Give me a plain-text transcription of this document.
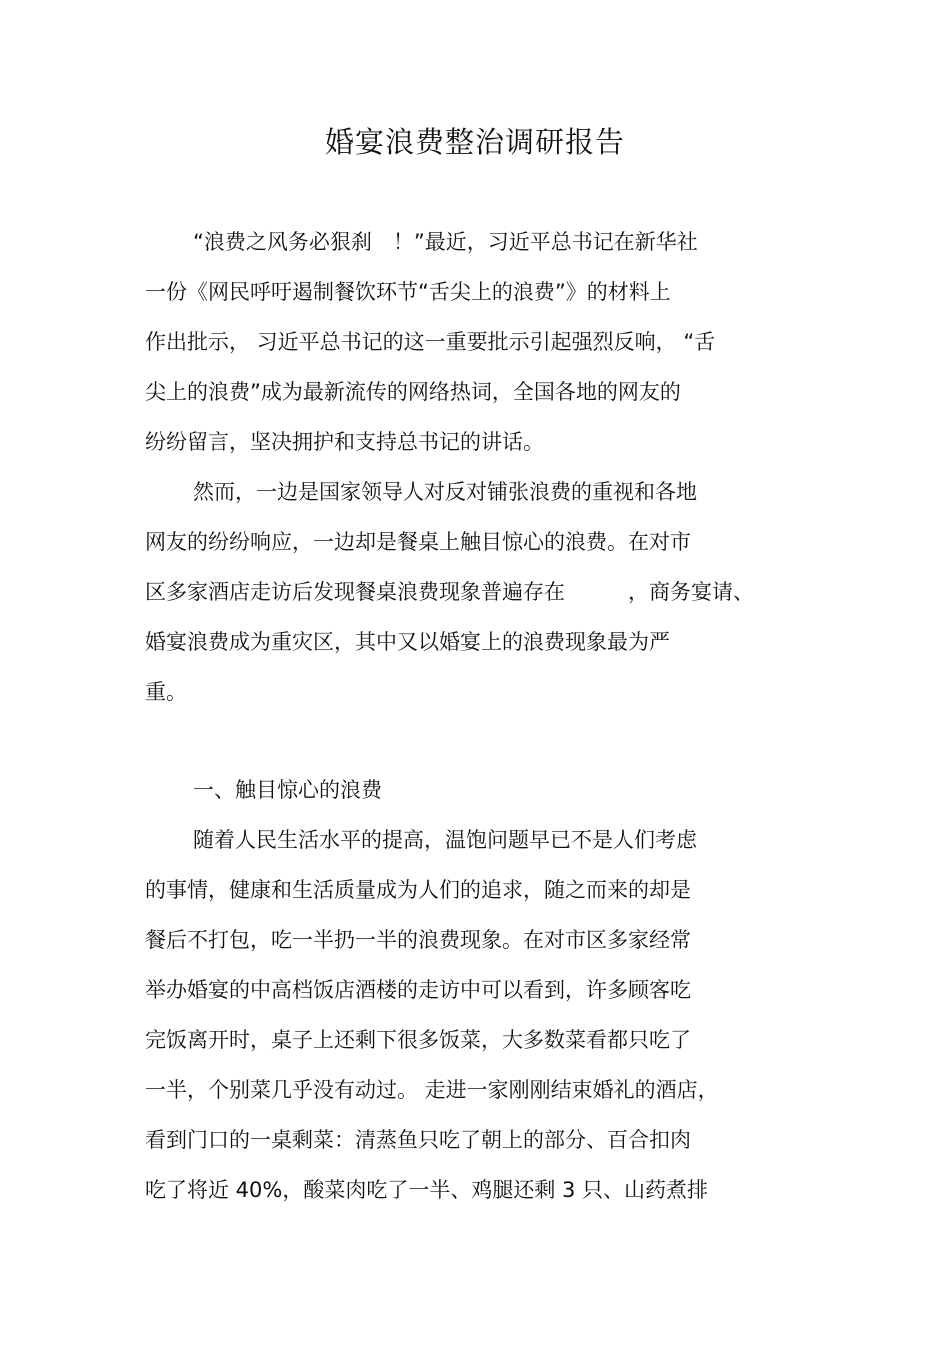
婚宴浪费整治调研报告
“浪费之风务必狠刹　！”最近，习近平总书记在新华社
一份《网民呼吁遏制餐饮环节“舌尖上的浪费”》的材料上
作出批示， 习近平总书记的这一重要批示引起强烈反响， “舌
尖上的浪费”成为最新流传的网络热词，全国各地的网友的
纷纷留言，坚决拥护和支持总书记的讲话。
然而，一边是国家领导人对反对铺张浪费的重视和各地
网友的纷纷响应，一边却是餐桌上触目惊心的浪费。在对市
区多家酒店走访后发现餐桌浪费现象普遍存在　　　，商务宴请、
婚宴浪费成为重灾区，其中又以婚宴上的浪费现象最为严
重。
一、触目惊心的浪费
随着人民生活水平的提高，温饱问题早已不是人们考虑
的事情，健康和生活质量成为人们的追求，随之而来的却是
餐后不打包，吃一半扔一半的浪费现象。在对市区多家经常
举办婚宴的中高档饭店酒楼的走访中可以看到，许多顾客吃
完饭离开时，桌子上还剩下很多饭菜，大多数菜看都只吃了
一半，个别菜几乎没有动过。 走进一家刚刚结束婚礼的酒店，
看到门口的一桌剩菜：清蒸鱼只吃了朝上的部分、百合扣肉
吃了将近 40%，酸菜肉吃了一半、鸡腿还剩 3 只、山药煮排
